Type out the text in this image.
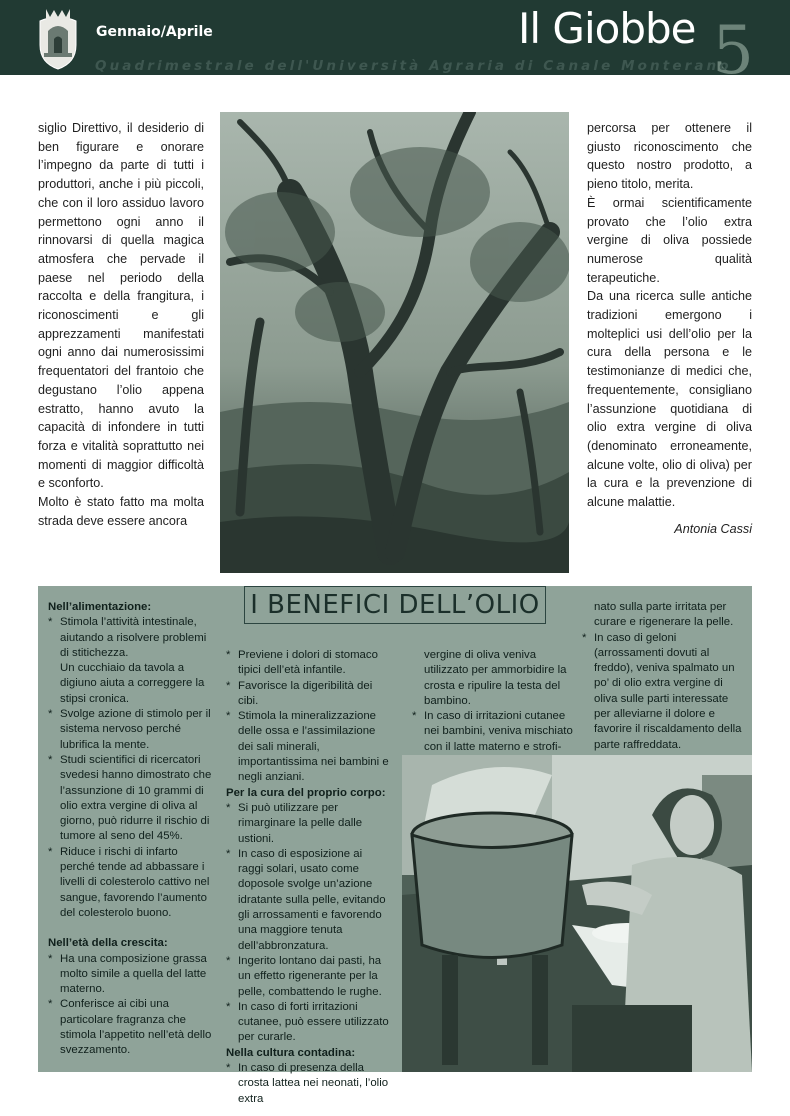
Gennaio/Aprile	Il Giobbe 5
Quadrimestrale dell'Università Agraria di Canale Monterano

siglio Direttivo, il desiderio di ben figurare e onorare l’impegno da parte di tutti i produttori, anche i più piccoli, che con il loro assiduo lavoro permettono ogni anno il rinnovarsi di quella magica atmosfera che pervade il paese nel periodo della raccolta e della frangitura, i riconoscimenti e gli apprezzamenti manifestati ogni anno dai numerosissimi frequentatori del frantoio che degustano l’olio appena estratto, hanno avuto la capacità di infondere in tutti forza e vitalità soprattutto nei momenti di maggior difficoltà e sconforto.

Molto è stato fatto ma molta strada deve essere ancora

percorsa per ottenere il giusto riconoscimento che questo nostro prodotto, a pieno titolo, merita.

È ormai scientificamente provato che l’olio extra vergine di oliva possiede numerose qualità terapeutiche.

Da una ricerca sulle antiche tradizioni emergono i molteplici usi dell’olio per la cura della persona e le testimonianze di medici che, frequentemente, consigliano l’assunzione quotidiana di olio extra vergine di oliva (denominato erroneamente, alcune volte, olio di oliva) per la cura e la prevenzione di alcune malattie.

Antonia Cassi

I BENEFICI DELL’OLIO
Nell’alimentazione:
* Stimola l’attività intestinale, aiutando a risolvere problemi di stitichezza.
Un cucchiaio da tavola a digiuno aiuta a correggere la stipsi cronica.
* Svolge azione di stimolo per il sistema nervoso perché lubrifica la mente.
* Studi scientifici di ricercatori svedesi hanno dimostrato che l’assunzione di 10 grammi di olio extra vergine di oliva al giorno, può ridurre il rischio di tumore al seno del 45%.
* Riduce i rischi di infarto perché tende ad abbassare i livelli di colesterolo cattivo nel sangue, favorendo l’aumento del colesterolo buono.
Nell’età della crescita:
* Ha una composizione grassa molto simile a quella del latte materno.
* Conferisce ai cibi una particolare fragranza che stimola l’appetito nell’età dello svezzamento.
* Previene i dolori di stomaco tipici dell’età infantile.
* Favorisce la digeribilità dei cibi.
* Stimola la mineralizzazione delle ossa e l’assimilazione dei sali minerali, importantissima nei bambini e negli anziani.
Per la cura del proprio corpo:
* Si può utilizzare per rimarginare la pelle dalle ustioni.
* In caso di esposizione ai raggi solari, usato come doposole svolge un’azione idratante sulla pelle, evitando gli arrossamenti e favorendo una maggiore tenuta dell’abbronzatura.
* Ingerito lontano dai pasti, ha un effetto rigenerante per la pelle, combattendo le rughe.
* In caso di forti irritazioni cutanee, può essere utilizzato per curarle.
Nella cultura contadina:
* In caso di presenza della crosta lattea nei neonati, l’olio extra
vergine di oliva veniva utilizzato per ammorbidire la crosta e ripulire la testa del bambino.
* In caso di irritazioni cutanee nei bambini, veniva mischiato con il latte materno e strofi-
nato sulla parte irritata per curare e rigenerare la pelle.
* In caso di geloni (arrossamenti dovuti al freddo), veniva spalmato un po’ di olio extra vergine di oliva sulle parti interessate per alleviarne il dolore e favorire il riscaldamento della parte raffreddata.
